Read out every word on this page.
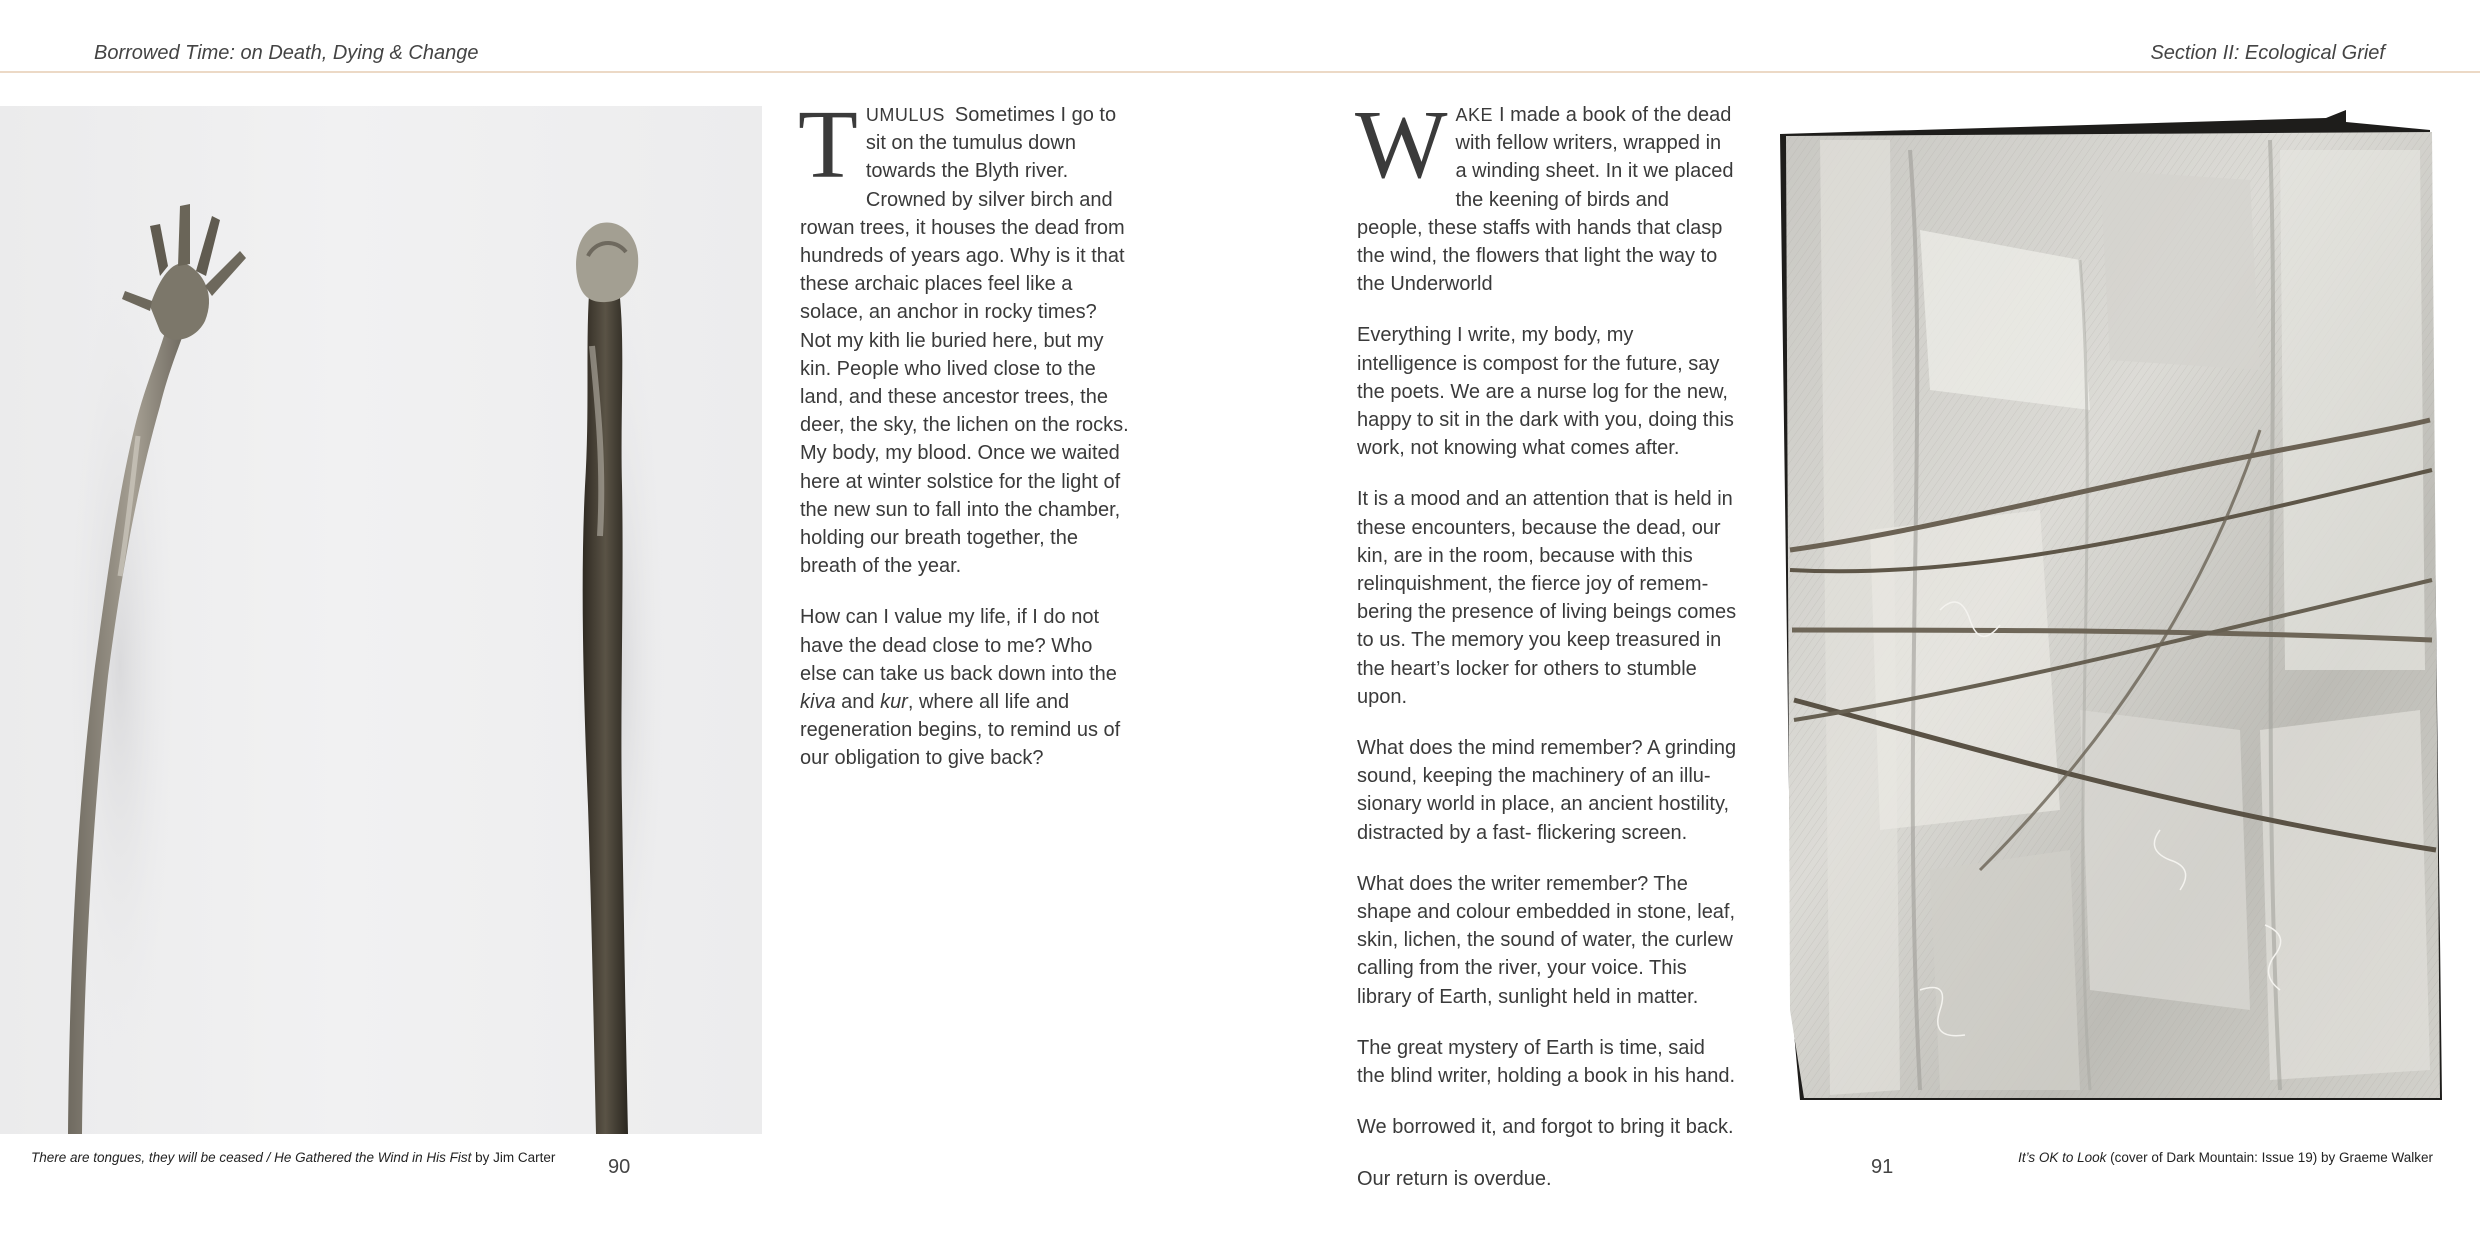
Borrowed Time: on Death, Dying & Change	Section II: Ecological Grief

TUMULUS Sometimes I go to sit on the tumulus down towards the Blyth river. Crowned by silver birch and rowan trees, it houses the dead from hundreds of years ago. Why is it that these archaic places feel like a solace, an anchor in rocky times? Not my kith lie buried here, but my kin. People who lived close to the land, and these ancestor trees, the deer, the sky, the lichen on the rocks. My body, my blood. Once we waited here at winter solstice for the light of the new sun to fall into the chamber, holding our breath together, the breath of the year.

How can I value my life, if I do not have the dead close to me? Who else can take us back down into the kiva and kur, where all life and regeneration begins, to remind us of our obligation to give back?

WAKE I made a book of the dead with fellow writers, wrapped in a winding sheet. In it we placed the keening of birds and people, these staffs with hands that clasp the wind, the flowers that light the way to the Underworld

Everything I write, my body, my intelligence is compost for the future, say the poets. We are a nurse log for the new, happy to sit in the dark with you, doing this work, not knowing what comes after.

It is a mood and an attention that is held in these encounters, because the dead, our kin, are in the room, because with this relinquishment, the fierce joy of remem-bering the presence of living beings comes to us. The memory you keep treasured in the heart’s locker for others to stumble upon.

What does the mind remember? A grinding sound, keeping the machinery of an illu-sionary world in place, an ancient hostility, distracted by a fast- flickering screen.

What does the writer remember? The shape and colour embedded in stone, leaf, skin, lichen, the sound of water, the curlew calling from the river, your voice. This library of Earth, sunlight held in matter.

The great mystery of Earth is time, said the blind writer, holding a book in his hand.

We borrowed it, and forgot to bring it back.

Our return is overdue.

There are tongues, they will be ceased / He Gathered the Wind in His Fist by Jim Carter	It’s OK to Look (cover of Dark Mountain: Issue 19) by Graeme Walker
90	91
